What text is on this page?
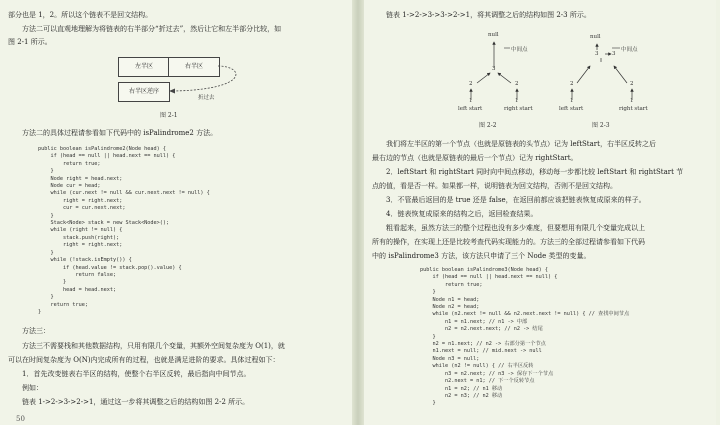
部分也是 1，2。所以这个链表不是回文结构。
方法二可以直观地理解为将链表的右半部分“折过去”，然后让它和左半部分比较，如
图 2-1 所示。
左半区	右半区
右半区逆序
折过去
图 2-1
方法二的具体过程请参看如下代码中的 isPalindrome2 方法。
public boolean isPalindrome2(Node head) {
if (head == null || head.next == null) {
return true;
}
Node right = head.next;
Node cur = head;
while (cur.next != null && cur.next.next != null) {
right = right.next;
cur = cur.next.next;
}
Stack<Node> stack = new Stack<Node>();
while (right != null) {
stack.push(right);
right = right.next;
}
while (!stack.isEmpty()) {
if (head.value != stack.pop().value) {
return false;
}
head = head.next;
}
return true;
}
方法三：
方法三不需要栈和其他数据结构，只用有限几个变量，其额外空间复杂度为 O(1)，就
可以在时间复杂度为 O(N)内完成所有的过程，也就是满足进阶的要求。具体过程如下：
1．首先改变链表右半区的结构，使整个右半区反转，最后指向中间节点。
例如：
链表 1->2->3->2->1，通过这一步将其调整之后的结构如图 2-2 所示。
50
链表 1->2->3->3->2->1，将其调整之后的结构如图 2-3 所示。
null
中间点
3
2	2
1	1
left start	right start
图 2-2
null
中间点
3 3
2	2
1	1
left start	right start
图 2-3
我们将左半区的第一个节点（也就是原链表的头节点）记为 leftStart，右半区反转之后
最右边的节点（也就是原链表的最后一个节点）记为 rightStart。
2．leftStart 和 rightStart 同时向中间点移动，移动每一步都比较 leftStart 和 rightStart 节
点的值，看是否一样。如果都一样，说明链表为回文结构，否则不是回文结构。
3．不管最后返回的是 true 还是 false，在返回前都应该把链表恢复成原来的样子。
4．链表恢复成原来的结构之后，返回检查结果。
粗看起来，虽然方法三的整个过程也没有多少难度，但要想用有限几个变量完成以上
所有的操作，在实现上还是比较考查代码实现能力的。方法三的全部过程请参看如下代码
中的 isPalindrome3 方法，该方法只申请了三个 Node 类型的变量。
public boolean isPalindrome3(Node head) {
if (head == null || head.next == null) {
return true;
}
Node n1 = head;
Node n2 = head;
while (n2.next != null && n2.next.next != null) { // 查找中间节点
n1 = n1.next; // n1 -> 中部
n2 = n2.next.next; // n2 -> 结尾
}
n2 = n1.next; // n2 -> 右部分第一个节点
n1.next = null; // mid.next -> null
Node n3 = null;
while (n2 != null) { // 右半区反转
n3 = n2.next; // n3 -> 保存下一个节点
n2.next = n1; // 下一个反转节点
n1 = n2; // n1 移动
n2 = n3; // n2 移动
}
